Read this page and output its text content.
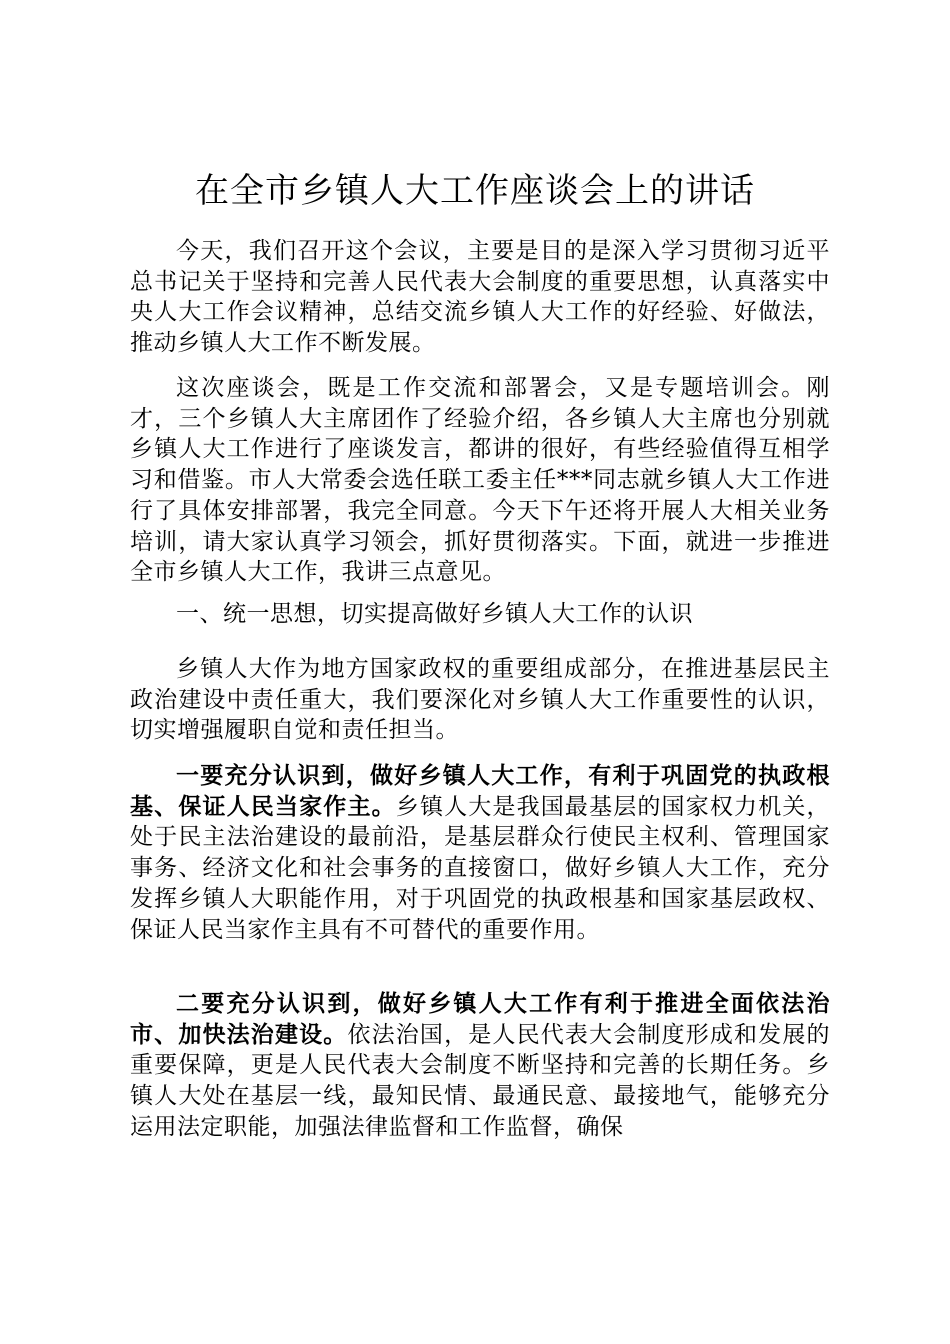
在全市乡镇人大工作座谈会上的讲话

今天，我们召开这个会议，主要是目的是深入学习贯彻习近平总书记关于坚持和完善人民代表大会制度的重要思想，认真落实中央人大工作会议精神，总结交流乡镇人大工作的好经验、好做法，推动乡镇人大工作不断发展。

这次座谈会，既是工作交流和部署会，又是专题培训会。刚才，三个乡镇人大主席团作了经验介绍，各乡镇人大主席也分别就乡镇人大工作进行了座谈发言，都讲的很好，有些经验值得互相学习和借鉴。市人大常委会选任联工委主任***同志就乡镇人大工作进行了具体安排部署，我完全同意。今天下午还将开展人大相关业务培训，请大家认真学习领会，抓好贯彻落实。下面，就进一步推进全市乡镇人大工作，我讲三点意见。

一、统一思想，切实提高做好乡镇人大工作的认识

乡镇人大作为地方国家政权的重要组成部分，在推进基层民主政治建设中责任重大，我们要深化对乡镇人大工作重要性的认识，切实增强履职自觉和责任担当。

一要充分认识到，做好乡镇人大工作，有利于巩固党的执政根基、保证人民当家作主。乡镇人大是我国最基层的国家权力机关，处于民主法治建设的最前沿，是基层群众行使民主权利、管理国家事务、经济文化和社会事务的直接窗口，做好乡镇人大工作，充分发挥乡镇人大职能作用，对于巩固党的执政根基和国家基层政权、保证人民当家作主具有不可替代的重要作用。

二要充分认识到，做好乡镇人大工作有利于推进全面依法治市、加快法治建设。依法治国，是人民代表大会制度形成和发展的重要保障，更是人民代表大会制度不断坚持和完善的长期任务。乡镇人大处在基层一线，最知民情、最通民意、最接地气，能够充分运用法定职能，加强法律监督和工作监督，确保
